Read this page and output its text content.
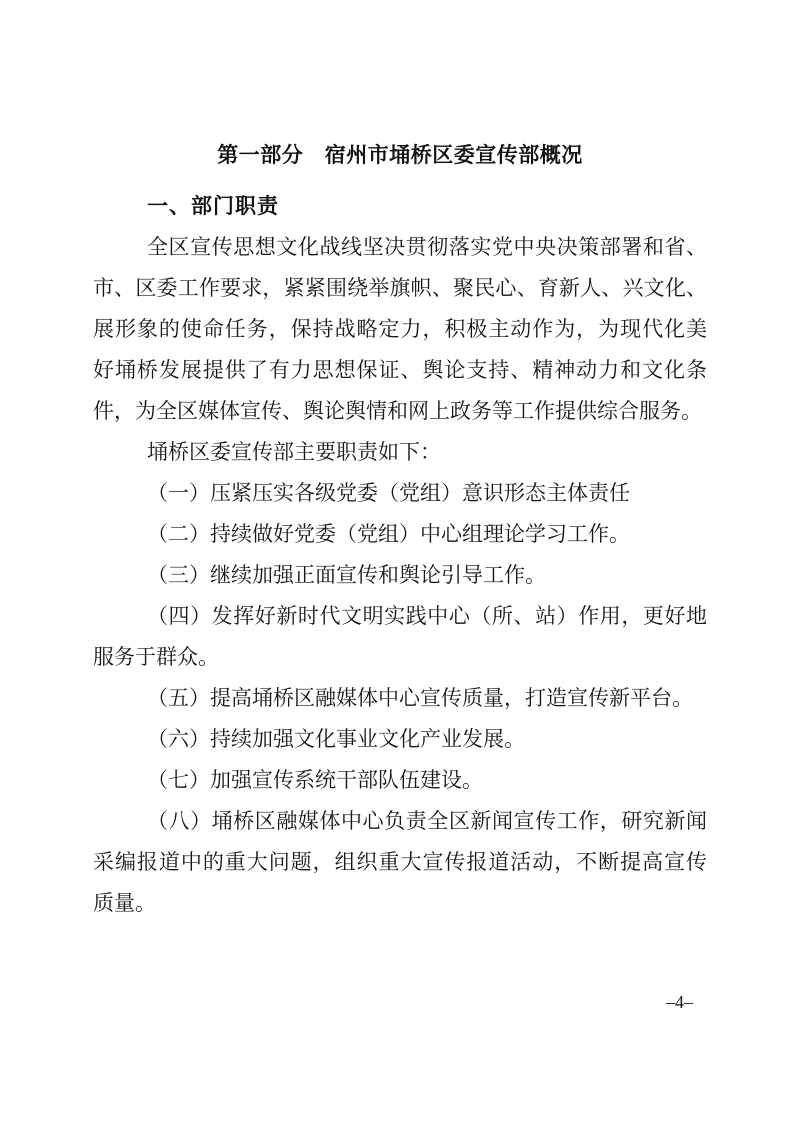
第一部分　宿州市埇桥区委宣传部概况
一、部门职责

全区宣传思想文化战线坚决贯彻落实党中央决策部署和省、

市、区委工作要求，紧紧围绕举旗帜、聚民心、育新人、兴文化、

展形象的使命任务，保持战略定力，积极主动作为，为现代化美

好埇桥发展提供了有力思想保证、舆论支持、精神动力和文化条

件，为全区媒体宣传、舆论舆情和网上政务等工作提供综合服务。

埇桥区委宣传部主要职责如下：

（一）压紧压实各级党委（党组）意识形态主体责任

（二）持续做好党委（党组）中心组理论学习工作。

（三）继续加强正面宣传和舆论引导工作。

（四）发挥好新时代文明实践中心（所、站）作用，更好地

服务于群众。

（五）提高埇桥区融媒体中心宣传质量，打造宣传新平台。

（六）持续加强文化事业文化产业发展。

（七）加强宣传系统干部队伍建设。

（八）埇桥区融媒体中心负责全区新闻宣传工作，研究新闻

采编报道中的重大问题，组织重大宣传报道活动，不断提高宣传

质量。

–4–
